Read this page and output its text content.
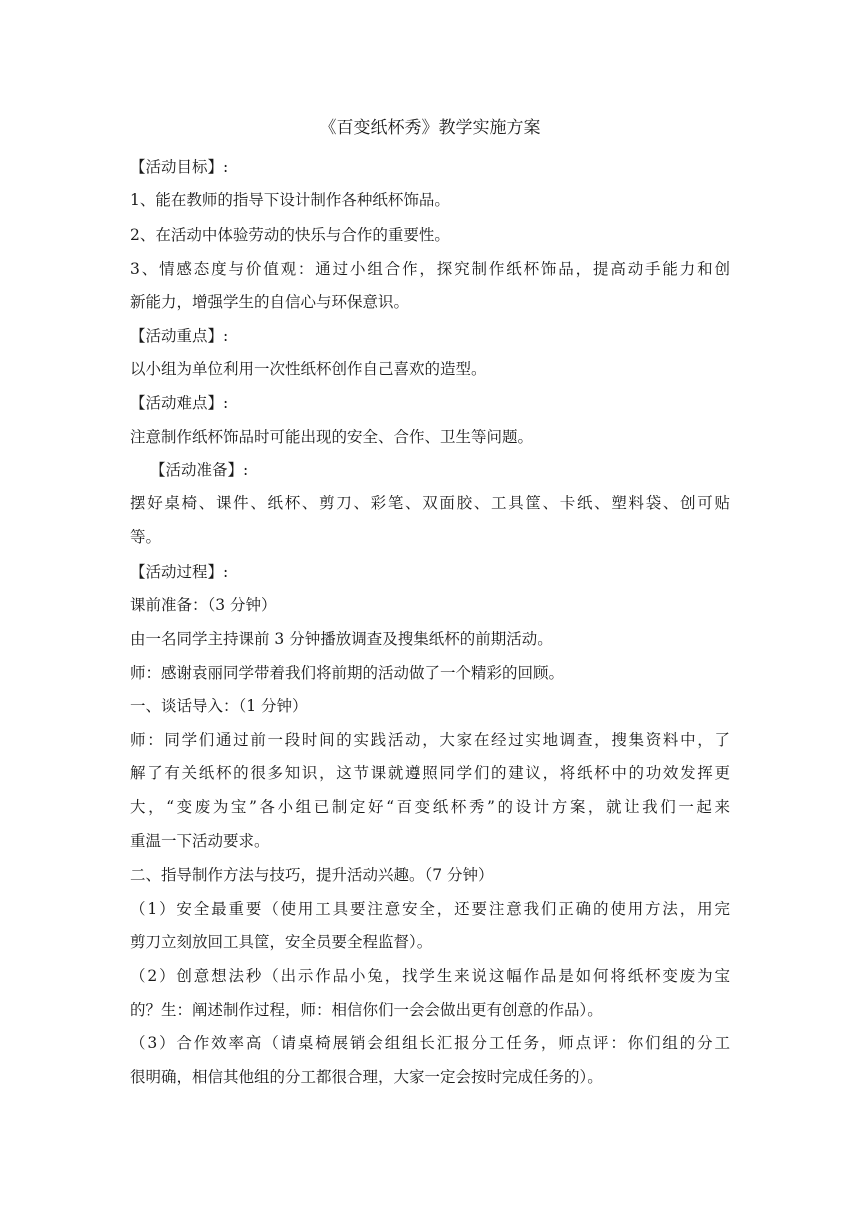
《百变纸杯秀》教学实施方案
【活动目标】:
1、能在教师的指导下设计制作各种纸杯饰品。
2、在活动中体验劳动的快乐与合作的重要性。
3、情感态度与价值观：通过小组合作，探究制作纸杯饰品，提高动手能力和创
新能力，增强学生的自信心与环保意识。
【活动重点】:
以小组为单位利用一次性纸杯创作自己喜欢的造型。
【活动难点】:
注意制作纸杯饰品时可能出现的安全、合作、卫生等问题。
【活动准备】:
摆好桌椅、课件、纸杯、剪刀、彩笔、双面胶、工具筐、卡纸、塑料袋、创可贴
等。
【活动过程】:
课前准备：（3 分钟）
由一名同学主持课前 3 分钟播放调查及搜集纸杯的前期活动。
师：感谢袁丽同学带着我们将前期的活动做了一个精彩的回顾。
一、谈话导入：（1 分钟）
师：同学们通过前一段时间的实践活动，大家在经过实地调查，搜集资料中，了
解了有关纸杯的很多知识，这节课就遵照同学们的建议，将纸杯中的功效发挥更
大，“变废为宝”各小组已制定好“百变纸杯秀”的设计方案，就让我们一起来
重温一下活动要求。
二、指导制作方法与技巧，提升活动兴趣。（7 分钟）
（1）安全最重要（使用工具要注意安全，还要注意我们正确的使用方法，用完
剪刀立刻放回工具筐，安全员要全程监督）。
（2）创意想法秒（出示作品小兔，找学生来说这幅作品是如何将纸杯变废为宝
的？生：阐述制作过程，师：相信你们一会会做出更有创意的作品）。
（3）合作效率高（请桌椅展销会组组长汇报分工任务，师点评：你们组的分工
很明确，相信其他组的分工都很合理，大家一定会按时完成任务的）。
